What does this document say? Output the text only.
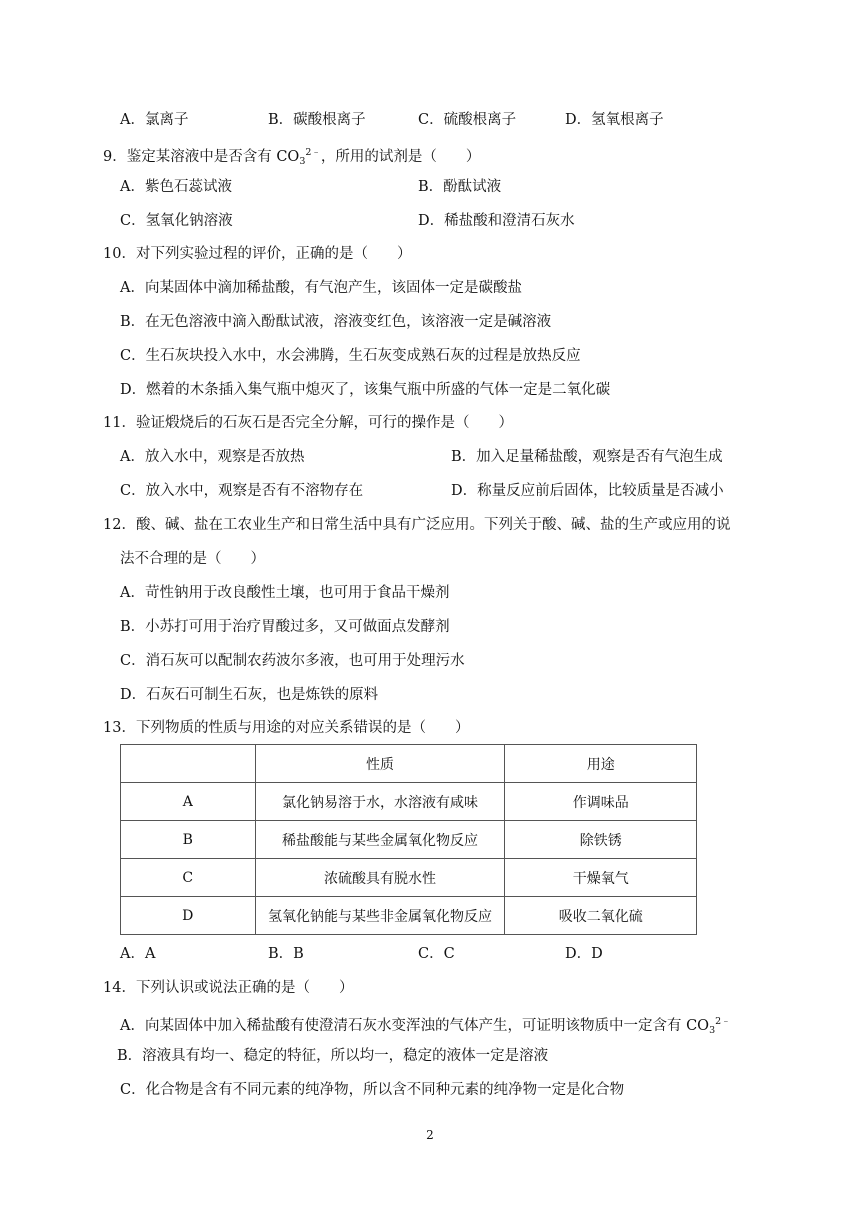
A．氯离子	B．碳酸根离子	C．硫酸根离子	D．氢氧根离子
9．鉴定某溶液中是否含有 $CO_3^{2﹣}$，所用的试剂是（　　）
A．紫色石蕊试液	B．酚酞试液
C．氢氧化钠溶液	D．稀盐酸和澄清石灰水
10．对下列实验过程的评价，正确的是（　　）
A．向某固体中滴加稀盐酸，有气泡产生，该固体一定是碳酸盐
B．在无色溶液中滴入酚酞试液，溶液变红色，该溶液一定是碱溶液
C．生石灰块投入水中，水会沸腾，生石灰变成熟石灰的过程是放热反应
D．燃着的木条插入集气瓶中熄灭了，该集气瓶中所盛的气体一定是二氧化碳
11．验证煅烧后的石灰石是否完全分解，可行的操作是（　　）
A．放入水中，观察是否放热	B．加入足量稀盐酸，观察是否有气泡生成
C．放入水中，观察是否有不溶物存在	D．称量反应前后固体，比较质量是否减小
12．酸、碱、盐在工农业生产和日常生活中具有广泛应用。下列关于酸、碱、盐的生产或应用的说
法不合理的是（　　）
A．苛性钠用于改良酸性土壤，也可用于食品干燥剂
B．小苏打可用于治疗胃酸过多，又可做面点发酵剂
C．消石灰可以配制农药波尔多液，也可用于处理污水
D．石灰石可制生石灰，也是炼铁的原料
13．下列物质的性质与用途的对应关系错误的是（　　）
	性质	用途
A	氯化钠易溶于水，水溶液有咸味	作调味品
B	稀盐酸能与某些金属氧化物反应	除铁锈
C	浓硫酸具有脱水性	干燥氧气
D	氢氧化钠能与某些非金属氧化物反应	吸收二氧化硫
A．A	B．B	C．C	D．D
14．下列认识或说法正确的是（　　）
A．向某固体中加入稀盐酸有使澄清石灰水变浑浊的气体产生，可证明该物质中一定含有 $CO_3^{2﹣}$
B．溶液具有均一、稳定的特征，所以均一，稳定的液体一定是溶液
C．化合物是含有不同元素的纯净物，所以含不同种元素的纯净物一定是化合物
2
